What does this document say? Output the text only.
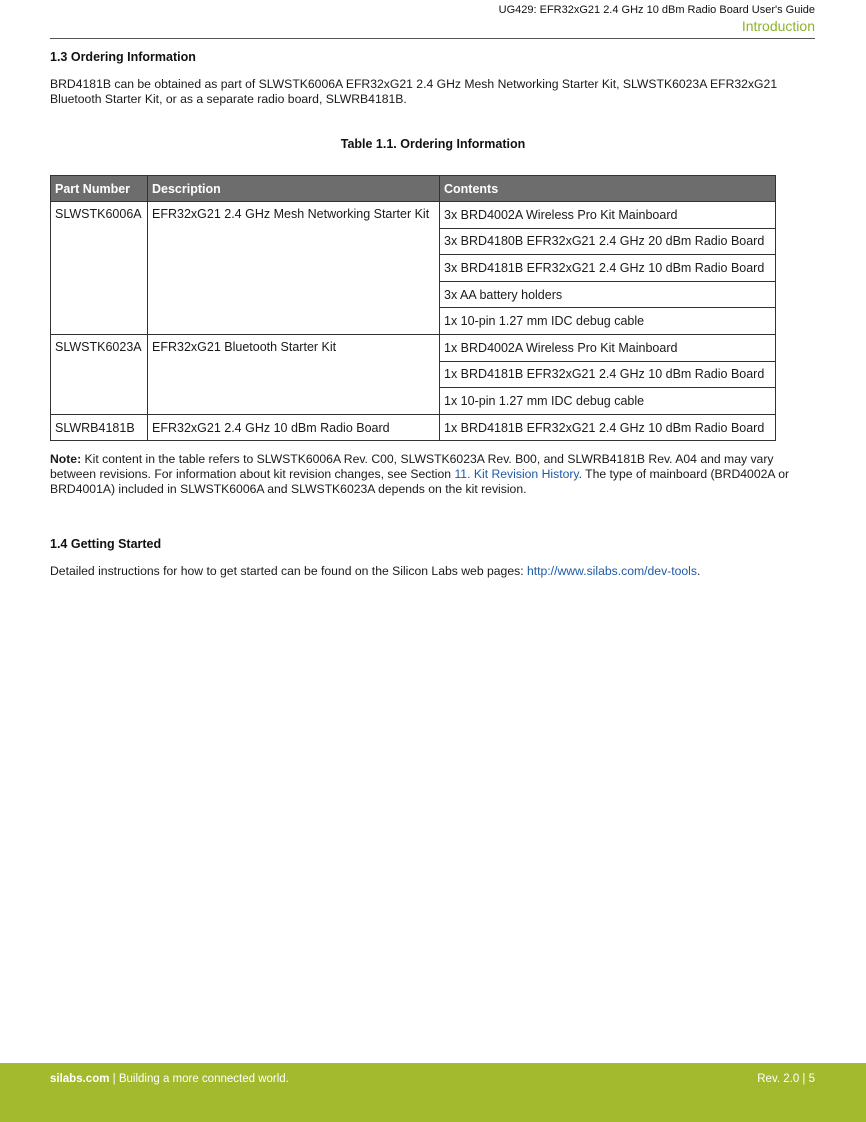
UG429: EFR32xG21 2.4 GHz 10 dBm Radio Board User's Guide
Introduction
1.3 Ordering Information
BRD4181B can be obtained as part of SLWSTK6006A EFR32xG21 2.4 GHz Mesh Networking Starter Kit, SLWSTK6023A EFR32xG21 Bluetooth Starter Kit, or as a separate radio board, SLWRB4181B.
Table 1.1. Ordering Information
Part Number	Description	Contents
SLWSTK6006A	EFR32xG21 2.4 GHz Mesh Networking Starter Kit	3x BRD4002A Wireless Pro Kit Mainboard
		3x BRD4180B EFR32xG21 2.4 GHz 20 dBm Radio Board
		3x BRD4181B EFR32xG21 2.4 GHz 10 dBm Radio Board
		3x AA battery holders
		1x 10-pin 1.27 mm IDC debug cable
SLWSTK6023A	EFR32xG21 Bluetooth Starter Kit	1x BRD4002A Wireless Pro Kit Mainboard
		1x BRD4181B EFR32xG21 2.4 GHz 10 dBm Radio Board
		1x 10-pin 1.27 mm IDC debug cable
SLWRB4181B	EFR32xG21 2.4 GHz 10 dBm Radio Board	1x BRD4181B EFR32xG21 2.4 GHz 10 dBm Radio Board
Note: Kit content in the table refers to SLWSTK6006A Rev. C00, SLWSTK6023A Rev. B00, and SLWRB4181B Rev. A04 and may vary between revisions. For information about kit revision changes, see Section 11. Kit Revision History. The type of mainboard (BRD4002A or BRD4001A) included in SLWSTK6006A and SLWSTK6023A depends on the kit revision.
1.4 Getting Started
Detailed instructions for how to get started can be found on the Silicon Labs web pages: http://www.silabs.com/dev-tools.
silabs.com | Building a more connected world.	Rev. 2.0 | 5
